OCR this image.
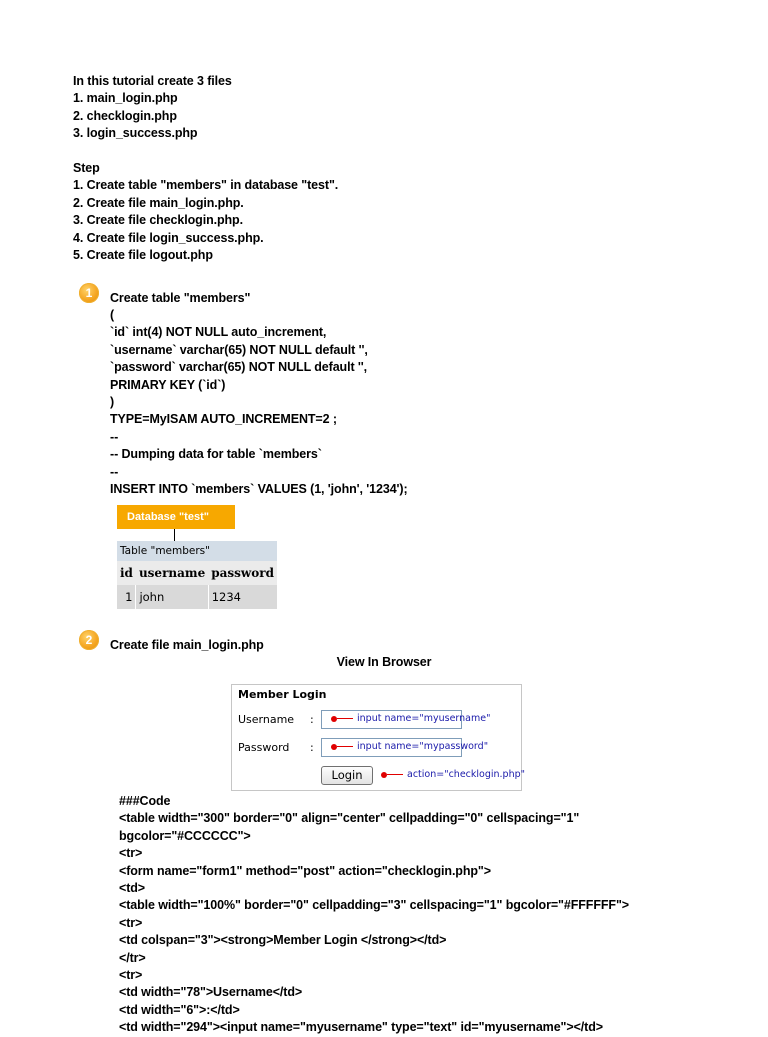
In this tutorial create 3 files
1. main_login.php
2. checklogin.php
3. login_success.php
Step
1. Create table "members" in database "test".
2. Create file main_login.php.
3. Create file checklogin.php.
4. Create file login_success.php.
5. Create file logout.php
1	Create table "members"
(
`id` int(4) NOT NULL auto_increment,
`username` varchar(65) NOT NULL default '',
`password` varchar(65) NOT NULL default '',
PRIMARY KEY (`id`)
)
TYPE=MyISAM AUTO_INCREMENT=2 ;
--
-- Dumping data for table `members`
--
INSERT INTO `members` VALUES (1, 'john', '1234');
Database "test"
Table "members"		
id	username	password
1	john	1234
2	Create file main_login.php
View In Browser
Member Login
Username :	input name="myusername"
Password :	input name="mypassword"
Login	action="checklogin.php"
###Code
<table width="300" border="0" align="center" cellpadding="0" cellspacing="1"
bgcolor="#CCCCCC">
<tr>
<form name="form1" method="post" action="checklogin.php">
<td>
<table width="100%" border="0" cellpadding="3" cellspacing="1" bgcolor="#FFFFFF">
<tr>
<td colspan="3"><strong>Member Login </strong></td>
</tr>
<tr>
<td width="78">Username</td>
<td width="6">:</td>
<td width="294"><input name="myusername" type="text" id="myusername"></td>
